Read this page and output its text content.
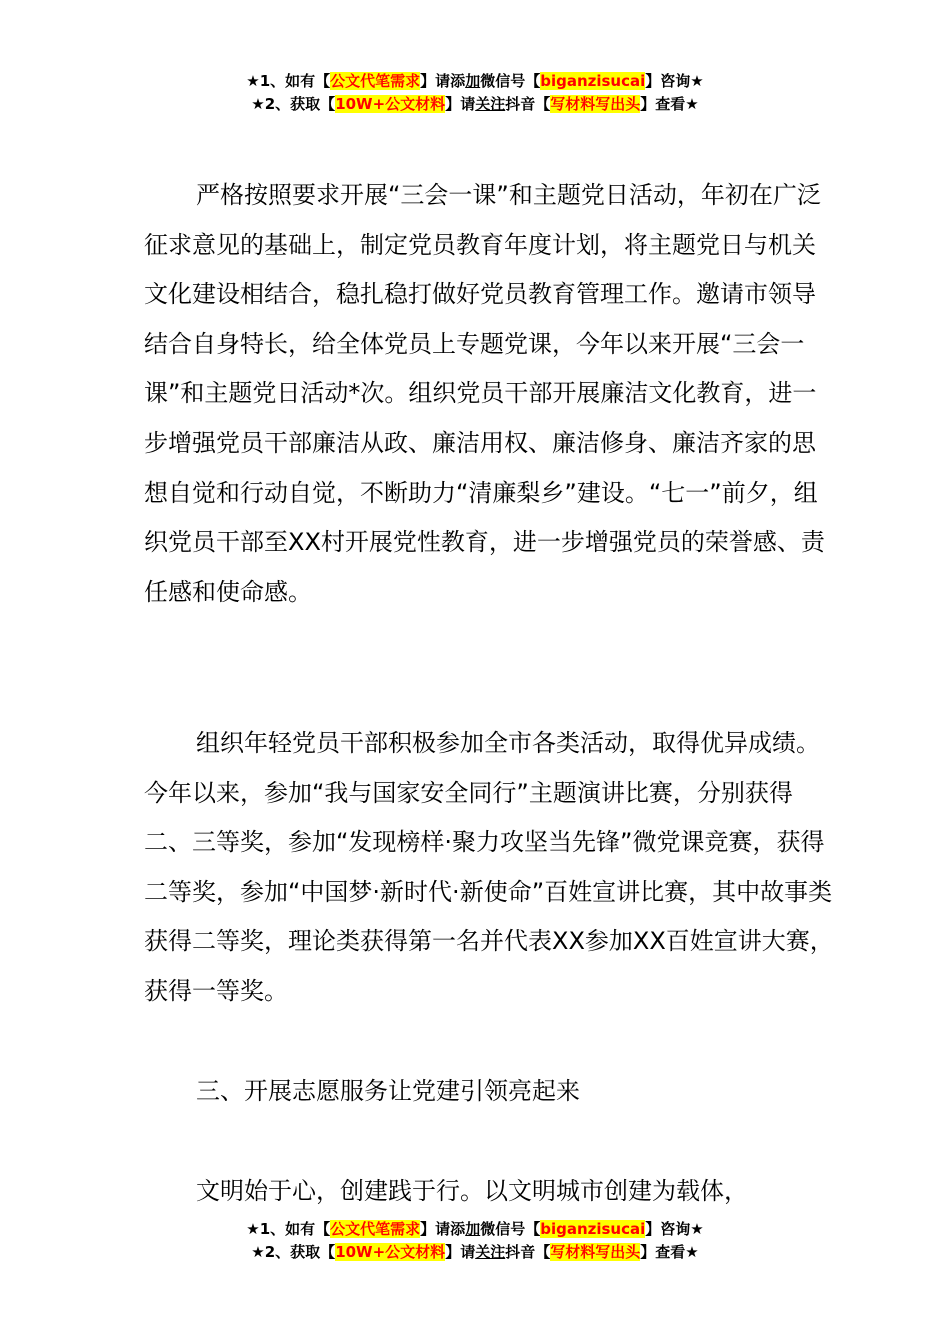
★1、如有【公文代笔需求】请添加微信号【biganzisucai】咨询★
★2、获取【10W+公文材料】请关注抖音【写材料写出头】查看★

严格按照要求开展“三会一课”和主题党日活动，年初在广泛征求意见的基础上，制定党员教育年度计划，将主题党日与机关文化建设相结合，稳扎稳打做好党员教育管理工作。邀请市领导结合自身特长，给全体党员上专题党课，今年以来开展“三会一课”和主题党日活动*次。组织党员干部开展廉洁文化教育，进一步增强党员干部廉洁从政、廉洁用权、廉洁修身、廉洁齐家的思想自觉和行动自觉，不断助力“清廉梨乡”建设。“七一”前夕，组织党员干部至XX村开展党性教育，进一步增强党员的荣誉感、责任感和使命感。

组织年轻党员干部积极参加全市各类活动，取得优异成绩。今年以来，参加“我与国家安全同行”主题演讲比赛，分别获得二、三等奖，参加“发现榜样·聚力攻坚当先锋”微党课竞赛，获得二等奖，参加“中国梦·新时代·新使命”百姓宣讲比赛，其中故事类获得二等奖，理论类获得第一名并代表XX参加XX百姓宣讲大赛，获得一等奖。

三、开展志愿服务让党建引领亮起来

文明始于心，创建践于行。以文明城市创建为载体，

★1、如有【公文代笔需求】请添加微信号【biganzisucai】咨询★
★2、获取【10W+公文材料】请关注抖音【写材料写出头】查看★
